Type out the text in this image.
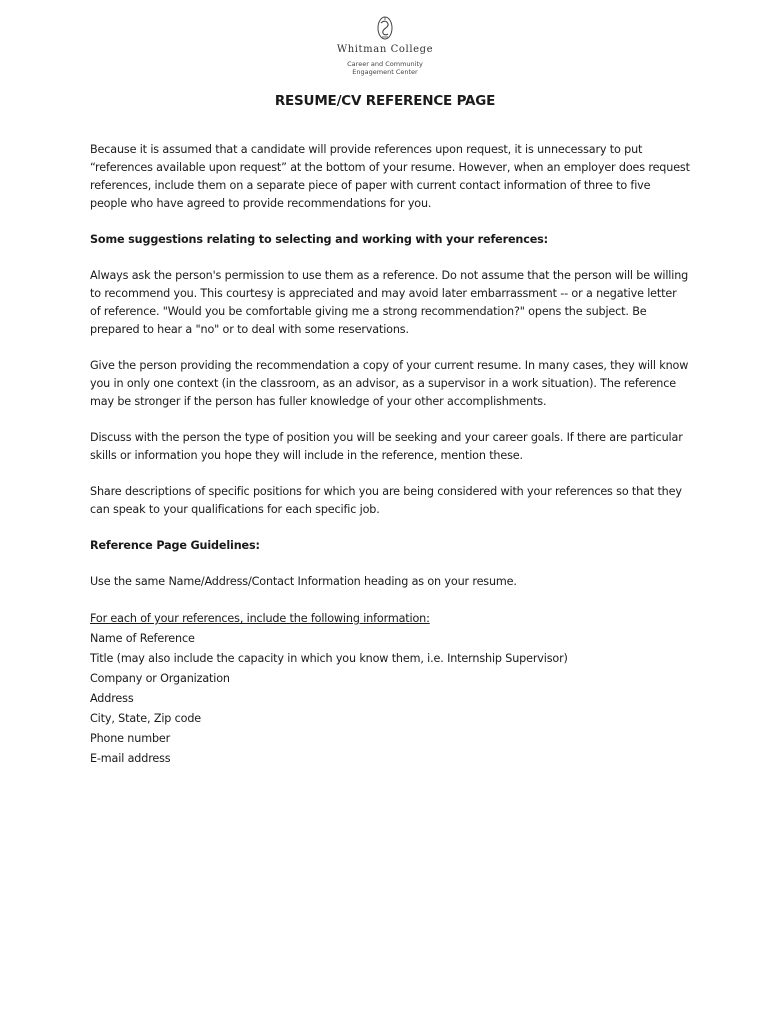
Whitman College
Career and Community
Engagement Center
RESUME/CV REFERENCE PAGE

Because it is assumed that a candidate will provide references upon request, it is unnecessary to put “references available upon request” at the bottom of your resume. However, when an employer does request references, include them on a separate piece of paper with current contact information of three to five people who have agreed to provide recommendations for you.

Some suggestions relating to selecting and working with your references:

Always ask the person's permission to use them as a reference. Do not assume that the person will be willing to recommend you. This courtesy is appreciated and may avoid later embarrassment -- or a negative letter of reference. "Would you be comfortable giving me a strong recommendation?" opens the subject. Be prepared to hear a "no" or to deal with some reservations.

Give the person providing the recommendation a copy of your current resume. In many cases, they will know you in only one context (in the classroom, as an advisor, as a supervisor in a work situation). The reference may be stronger if the person has fuller knowledge of your other accomplishments.

Discuss with the person the type of position you will be seeking and your career goals. If there are particular skills or information you hope they will include in the reference, mention these.

Share descriptions of specific positions for which you are being considered with your references so that they can speak to your qualifications for each specific job.

Reference Page Guidelines:

Use the same Name/Address/Contact Information heading as on your resume.

For each of your references, include the following information:
Name of Reference
Title (may also include the capacity in which you know them, i.e. Internship Supervisor)
Company or Organization
Address
City, State, Zip code
Phone number
E-mail address
